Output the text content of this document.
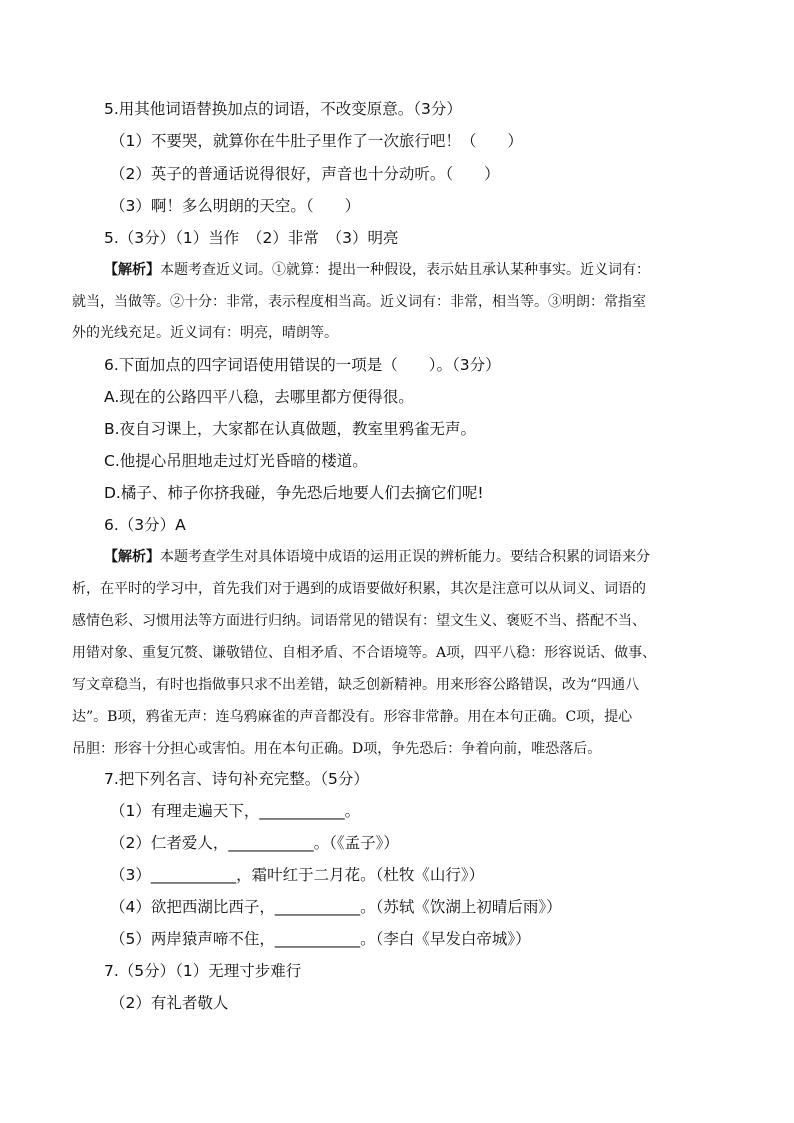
5.用其他词语替换加点的词语，不改变原意。（3分）
（1）不要哭，就算你在牛肚子里作了一次旅行吧！（　　）
（2）英子的普通话说得很好，声音也十分动听。（　　）
（3）啊！多么明朗的天空。（　　）
5.（3分）（1）当作　（2）非常　（3）明亮
【解析】本题考查近义词。①就算：提出一种假设，表示姑且承认某种事实。近义词有：
就当，当做等。②十分：非常，表示程度相当高。近义词有：非常，相当等。③明朗：常指室
外的光线充足。近义词有：明亮，晴朗等。
6.下面加点的四字词语使用错误的一项是（　　）。（3分）
A.现在的公路四平八稳，去哪里都方便得很。
B.夜自习课上，大家都在认真做题，教室里鸦雀无声。
C.他提心吊胆地走过灯光昏暗的楼道。
D.橘子、柿子你挤我碰，争先恐后地要人们去摘它们呢!
6.（3分）A
【解析】本题考查学生对具体语境中成语的运用正误的辨析能力。要结合积累的词语来分
析，在平时的学习中，首先我们对于遇到的成语要做好积累，其次是注意可以从词义、词语的
感情色彩、习惯用法等方面进行归纳。词语常见的错误有：望文生义、褒贬不当、搭配不当、
用错对象、重复冗赘、谦敬错位、自相矛盾、不合语境等。A项，四平八稳：形容说话、做事、
写文章稳当，有时也指做事只求不出差错，缺乏创新精神。用来形容公路错误，改为“四通八
达”。B项，鸦雀无声：连乌鸦麻雀的声音都没有。形容非常静。用在本句正确。C项，提心
吊胆：形容十分担心或害怕。用在本句正确。D项，争先恐后：争着向前，唯恐落后。
7.把下列名言、诗句补充完整。（5分）
（1）有理走遍天下，___________。
（2）仁者爱人，___________。（《孟子》）
（3）___________，霜叶红于二月花。（杜牧《山行》）
（4）欲把西湖比西子，___________。（苏轼《饮湖上初晴后雨》）
（5）两岸猿声啼不住，___________。（李白《早发白帝城》）
7.（5分）（1）无理寸步难行
（2）有礼者敬人
